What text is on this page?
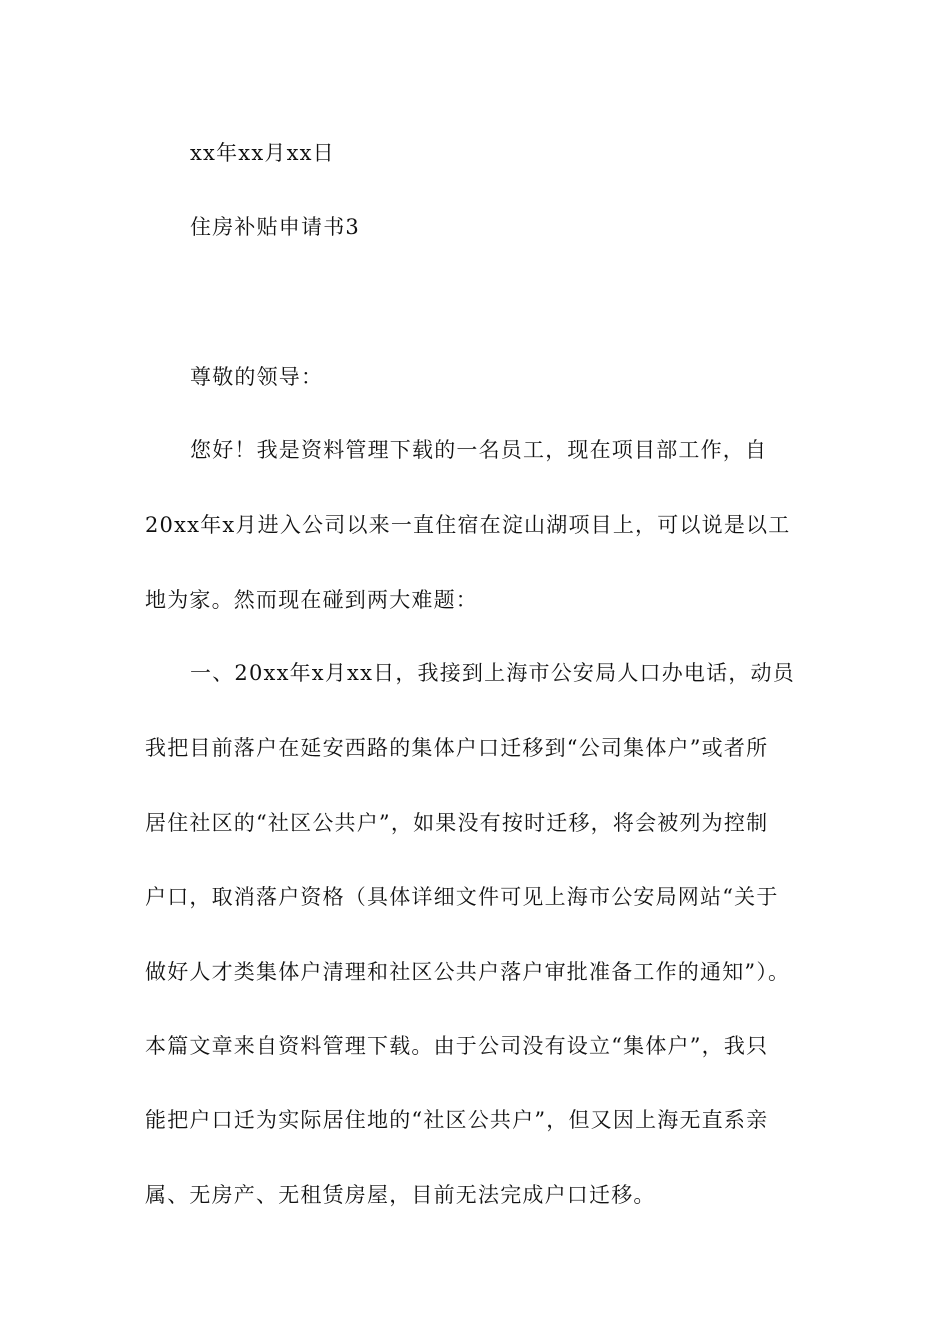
xx年xx月xx日
住房补贴申请书3
尊敬的领导：
您好！我是资料管理下载的一名员工，现在项目部工作，自
20xx年x月进入公司以来一直住宿在淀山湖项目上，可以说是以工
地为家。然而现在碰到两大难题：
一、20xx年x月xx日，我接到上海市公安局人口办电话，动员
我把目前落户在延安西路的集体户口迁移到“公司集体户”或者所
居住社区的“社区公共户”，如果没有按时迁移，将会被列为控制
户口，取消落户资格（具体详细文件可见上海市公安局网站“关于
做好人才类集体户清理和社区公共户落户审批准备工作的通知”）。
本篇文章来自资料管理下载。由于公司没有设立“集体户”，我只
能把户口迁为实际居住地的“社区公共户”，但又因上海无直系亲
属、无房产、无租赁房屋，目前无法完成户口迁移。
